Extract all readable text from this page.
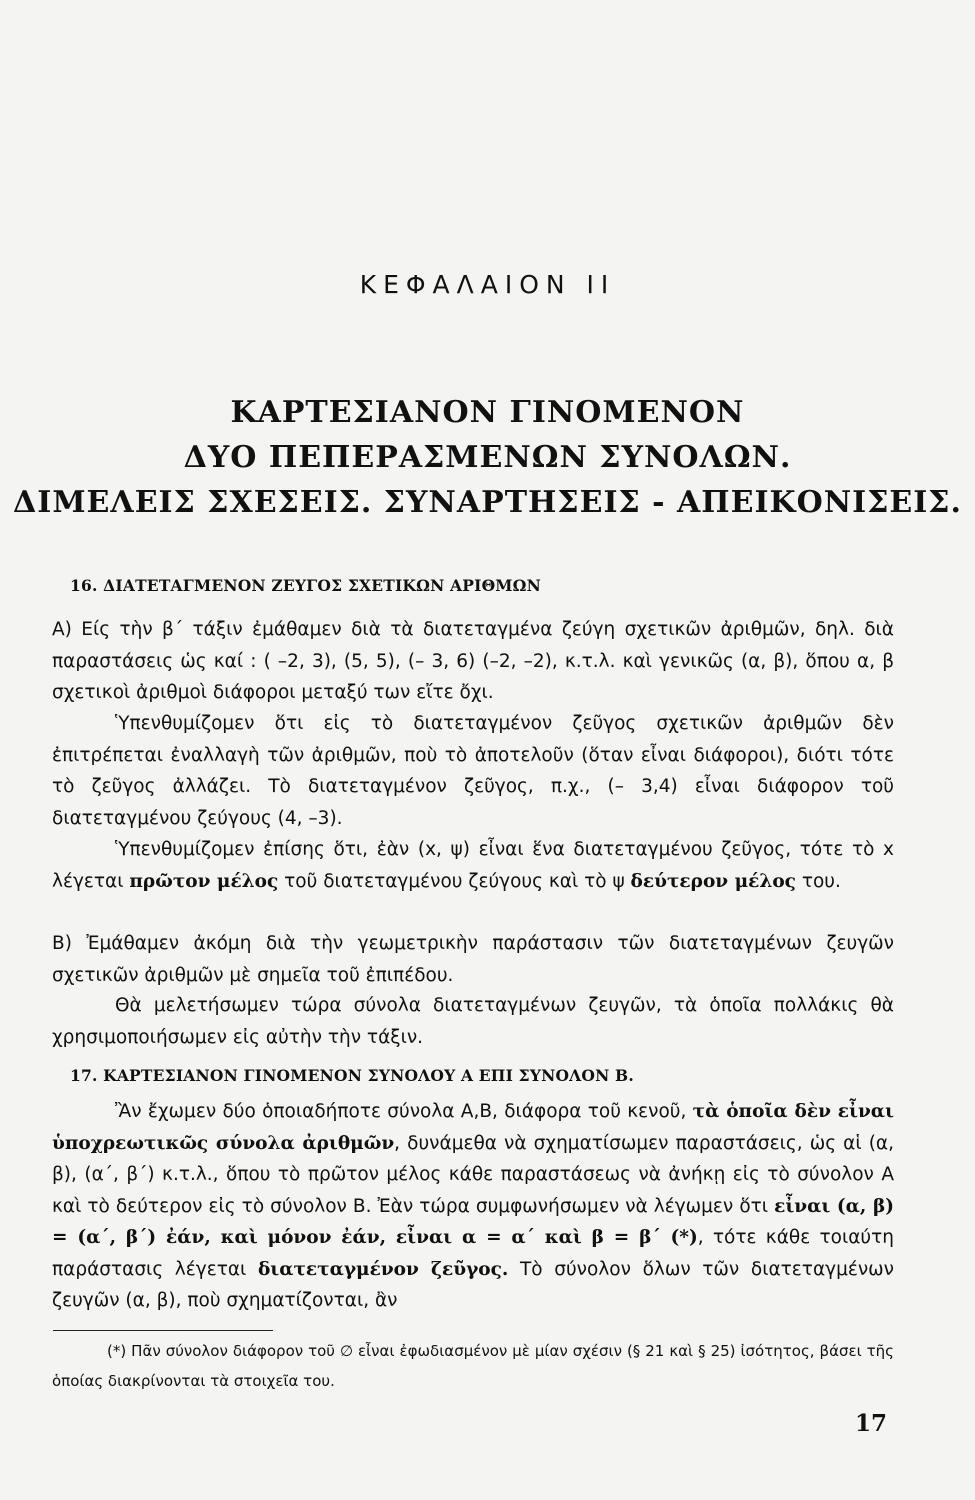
ΚΕΦΑΛΑΙΟΝ ΙΙ
ΚΑΡΤΕΣΙΑΝΟΝ ΓΙΝΟΜΕΝΟΝ
ΔΥΟ ΠΕΠΕΡΑΣΜΕΝΩΝ ΣΥΝΟΛΩΝ.
ΔΙΜΕΛΕΙΣ ΣΧΕΣΕΙΣ. ΣΥΝΑΡΤΗΣΕΙΣ - ΑΠΕΙΚΟΝΙΣΕΙΣ.
16. ΔΙΑΤΕΤΑΓΜΕΝΟΝ ΖΕΥΓΟΣ ΣΧΕΤΙΚΩΝ ΑΡΙΘΜΩΝ
Α) Είς τὴν β΄ τάξιν ἐμάθαμεν διὰ τὰ διατεταγμένα ζεύγη σχετικῶν ἀριθμῶν, δηλ. διὰ παραστάσεις ὡς καί : ( –2, 3), (5, 5), (– 3, 6) (–2, –2), κ.τ.λ. καὶ γενικῶς (α, β), ὅπου α, β σχετικοὶ ἀριθμοὶ διάφοροι μεταξύ των εἴτε ὄχι.
Ὑπενθυμίζομεν ὅτι εἰς τὸ διατεταγμένον ζεῦγος σχετικῶν ἀριθμῶν δὲν ἐπιτρέπεται ἐναλλαγὴ τῶν ἀριθμῶν, ποὺ τὸ ἀποτελοῦν (ὅταν εἶναι διάφοροι), διότι τότε τὸ ζεῦγος ἀλλάζει. Τὸ διατεταγμένον ζεῦγος, π.χ., (– 3,4) εἶναι διάφορον τοῦ διατεταγμένου ζεύγους (4, –3).
Ὑπενθυμίζομεν ἐπίσης ὅτι, ἐὰν (x, ψ) εἶναι ἕνα διατεταγμένου ζεῦγος, τότε τὸ x λέγεται πρῶτον μέλος τοῦ διατεταγμένου ζεύγους καὶ τὸ ψ δεύτερον μέλος του.
Β) Ἐμάθαμεν ἀκόμη διὰ τὴν γεωμετρικὴν παράστασιν τῶν διατεταγμένων ζευγῶν σχετικῶν ἀριθμῶν μὲ σημεῖα τοῦ ἐπιπέδου.
Θὰ μελετήσωμεν τώρα σύνολα διατεταγμένων ζευγῶν, τὰ ὁποῖα πολλάκις θὰ χρησιμοποιήσωμεν εἰς αὐτὴν τὴν τάξιν.
17. ΚΑΡΤΕΣΙΑΝΟΝ ΓΙΝΟΜΕΝΟΝ ΣΥΝΟΛΟΥ Α ΕΠΙ ΣΥΝΟΛΟΝ Β.
Ἂν ἔχωμεν δύο ὁποιαδήποτε σύνολα Α,Β, διάφορα τοῦ κενοῦ, τὰ ὁποῖα δὲν εἶναι ὑποχρεωτικῶς σύνολα ἀριθμῶν, δυνάμεθα νὰ σχηματίσωμεν παραστάσεις, ὡς αἱ (α, β), (α΄, β΄) κ.τ.λ., ὅπου τὸ πρῶτον μέλος κάθε παραστάσεως νὰ ἀνήκῃ εἰς τὸ σύνολον Α καὶ τὸ δεύτερον εἰς τὸ σύνολον Β. Ἐὰν τώρα συμφωνήσωμεν νὰ λέγωμεν ὅτι εἶναι (α, β) = (α΄, β΄) ἐάν, καὶ μόνον ἐάν, εἶναι α = α΄ καὶ β = β΄ (*), τότε κάθε τοιαύτη παράστασις λέγεται διατεταγμένον ζεῦγος. Τὸ σύνολον ὅλων τῶν διατεταγμένων ζευγῶν (α, β), ποὺ σχηματίζονται, ἂν
(*) Πᾶν σύνολον διάφορον τοῦ ∅ εἶναι ἐφωδιασμένον μὲ μίαν σχέσιν (§ 21 καὶ § 25) ἰσότητος, βάσει τῆς ὁποίας διακρίνονται τὰ στοιχεῖα του.
17
